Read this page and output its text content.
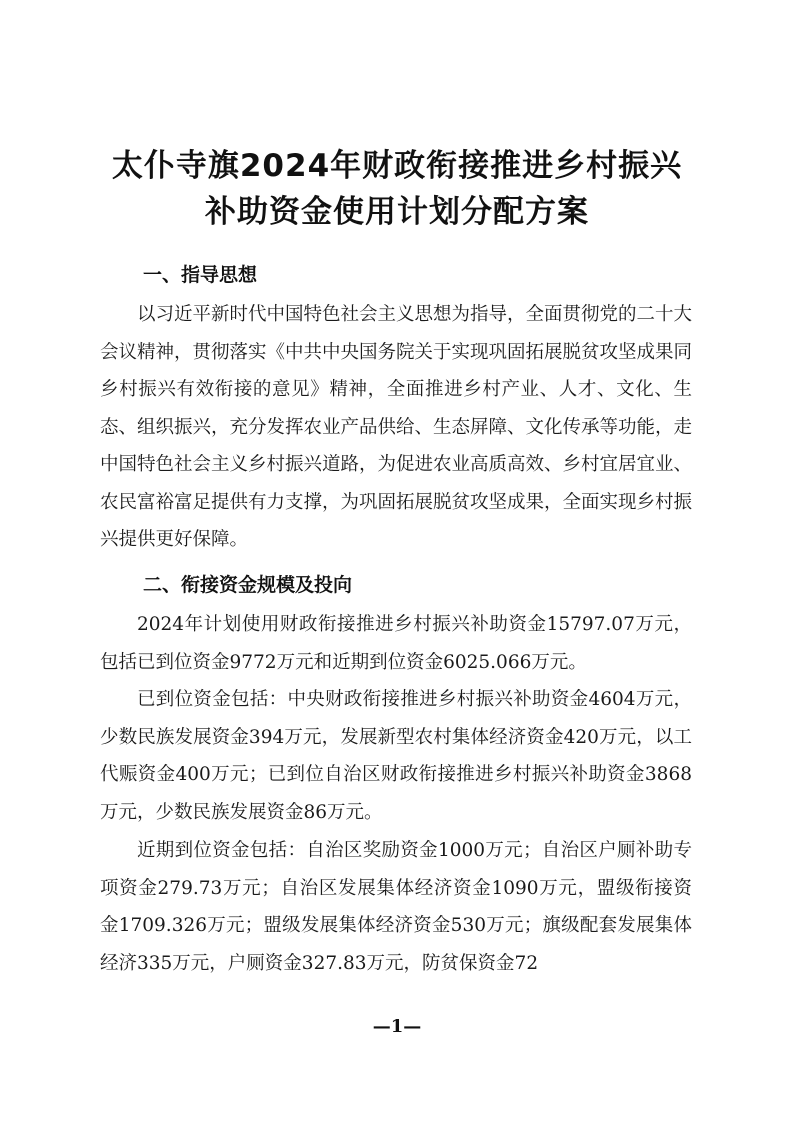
太仆寺旗2024年财政衔接推进乡村振兴
补助资金使用计划分配方案
一、指导思想
以习近平新时代中国特色社会主义思想为指导，全面贯彻党的二十大会议精神，贯彻落实《中共中央国务院关于实现巩固拓展脱贫攻坚成果同乡村振兴有效衔接的意见》精神，全面推进乡村产业、人才、文化、生态、组织振兴，充分发挥农业产品供给、生态屏障、文化传承等功能，走中国特色社会主义乡村振兴道路，为促进农业高质高效、乡村宜居宜业、农民富裕富足提供有力支撑，为巩固拓展脱贫攻坚成果，全面实现乡村振兴提供更好保障。
二、衔接资金规模及投向
2024年计划使用财政衔接推进乡村振兴补助资金15797.07万元，包括已到位资金9772万元和近期到位资金6025.066万元。
已到位资金包括：中央财政衔接推进乡村振兴补助资金4604万元，少数民族发展资金394万元，发展新型农村集体经济资金420万元，以工代赈资金400万元；已到位自治区财政衔接推进乡村振兴补助资金3868万元，少数民族发展资金86万元。
近期到位资金包括：自治区奖励资金1000万元；自治区户厕补助专项资金279.73万元；自治区发展集体经济资金1090万元，盟级衔接资金1709.326万元；盟级发展集体经济资金530万元；旗级配套发展集体经济335万元，户厕资金327.83万元，防贫保资金72
—1—
